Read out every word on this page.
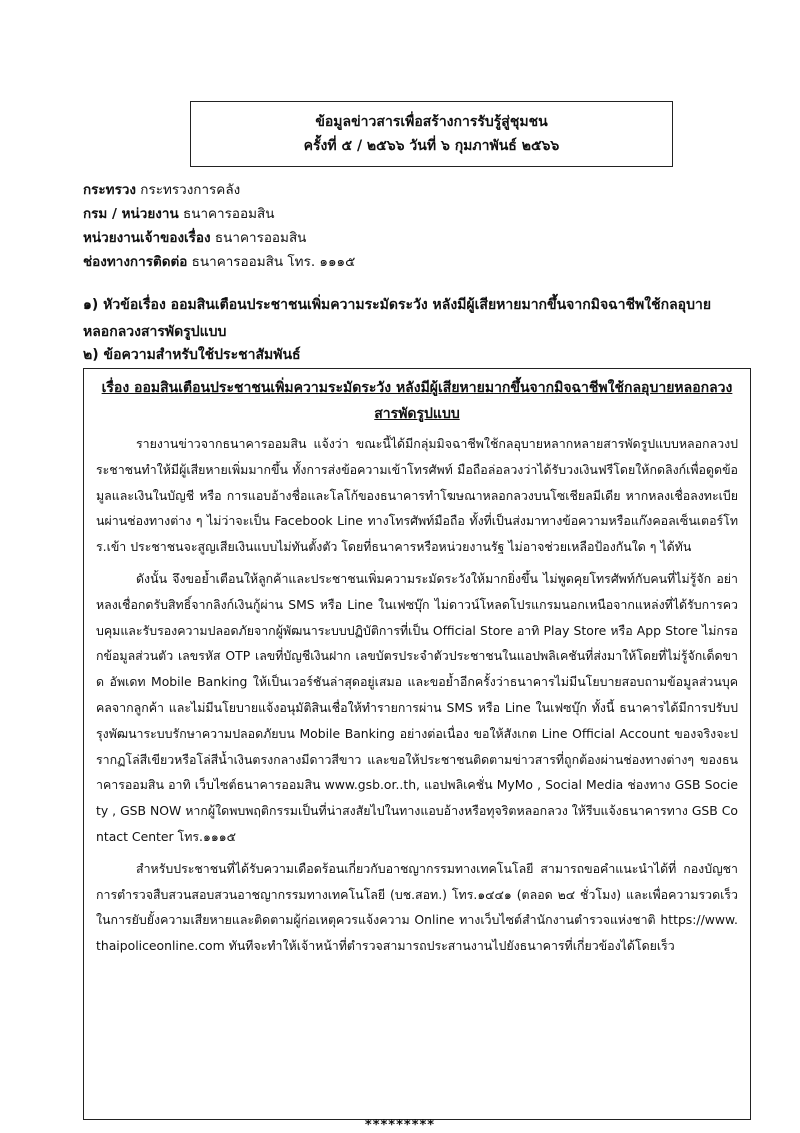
ข้อมูลข่าวสารเพื่อสร้างการรับรู้สู่ชุมชน
ครั้งที่ ๕ / ๒๕๖๖ วันที่ ๖ กุมภาพันธ์ ๒๕๖๖
กระทรวง กระทรวงการคลัง
กรม / หน่วยงาน ธนาคารออมสิน
หน่วยงานเจ้าของเรื่อง ธนาคารออมสิน
ช่องทางการติดต่อ ธนาคารออมสิน โทร. ๑๑๑๕
๑) หัวข้อเรื่อง ออมสินเตือนประชาชนเพิ่มความระมัดระวัง หลังมีผู้เสียหายมากขึ้นจากมิจฉาชีพใช้กลอุบายหลอกลวงสารพัดรูปแบบ
๒) ข้อความสำหรับใช้ประชาสัมพันธ์
เรื่อง ออมสินเตือนประชาชนเพิ่มความระมัดระวัง หลังมีผู้เสียหายมากขึ้นจากมิจฉาชีพใช้กลอุบายหลอกลวงสารพัดรูปแบบ

รายงานข่าวจากธนาคารออมสิน แจ้งว่า ขณะนี้ได้มีกลุ่มมิจฉาชีพใช้กลอุบายหลากหลายสารพัดรูปแบบหลอกลวงประชาชนทำให้มีผู้เสียหายเพิ่มมากขึ้น ทั้งการส่งข้อความเข้าโทรศัพท์ มือถือล่อลวงว่าได้รับวงเงินฟรีโดยให้กดลิงก์เพื่อดูดข้อมูลและเงินในบัญชี หรือ การแอบอ้างชื่อและโลโก้ของธนาคารทำโฆษณาหลอกลวงบนโซเชียลมีเดีย หากหลงเชื่อลงทะเบียนผ่านช่องทางต่าง ๆ ไม่ว่าจะเป็น Facebook Line ทางโทรศัพท์มือถือ ทั้งที่เป็นส่งมาทางข้อความหรือแก๊งคอลเซ็นเตอร์โทร.เข้า ประชาชนจะสูญเสียเงินแบบไม่ทันตั้งตัว โดยที่ธนาคารหรือหน่วยงานรัฐ ไม่อาจช่วยเหลือป้องกันใด ๆ ได้ทัน

ดังนั้น จึงขอย้ำเตือนให้ลูกค้าและประชาชนเพิ่มความระมัดระวังให้มากยิ่งขึ้น ไม่พูดคุยโทรศัพท์กับคนที่ไม่รู้จัก อย่าหลงเชื่อกดรับสิทธิ์จากลิงก์เงินกู้ผ่าน SMS หรือ Line ในเฟซบุ๊ก ไม่ดาวน์โหลดโปรแกรมนอกเหนือจากแหล่งที่ได้รับการควบคุมและรับรองความปลอดภัยจากผู้พัฒนาระบบปฏิบัติการที่เป็น Official Store อาทิ Play Store หรือ App Store ไม่กรอกข้อมูลส่วนตัว เลขรหัส OTP เลขที่บัญชีเงินฝาก เลขบัตรประจำตัวประชาชนในแอปพลิเคชันที่ส่งมาให้โดยที่ไม่รู้จักเด็ดขาด อัพเดท Mobile Banking ให้เป็นเวอร์ชันล่าสุดอยู่เสมอ และขอย้ำอีกครั้งว่าธนาคารไม่มีนโยบายสอบถามข้อมูลส่วนบุคคลจากลูกค้า และไม่มีนโยบายแจ้งอนุมัติสินเชื่อให้ทำรายการผ่าน SMS หรือ Line ในเฟซบุ๊ก ทั้งนี้ ธนาคารได้มีการปรับปรุงพัฒนาระบบรักษาความปลอดภัยบน Mobile Banking อย่างต่อเนื่อง ขอให้สังเกต Line Official Account ของจริงจะปรากฏโล่สีเขียวหรือโล่สีน้ำเงินตรงกลางมีดาวสีขาว และขอให้ประชาชนติดตามข่าวสารที่ถูกต้องผ่านช่องทางต่างๆ ของธนาคารออมสิน อาทิ เว็บไซต์ธนาคารออมสิน www.gsb.or..th, แอปพลิเคชั่น MyMo , Social Media ช่องทาง GSB Society , GSB NOW หากผู้ใดพบพฤติกรรมเป็นที่น่าสงสัยไปในทางแอบอ้างหรือทุจริตหลอกลวง ให้รีบแจ้งธนาคารทาง GSB Contact Center โทร.๑๑๑๕

สำหรับประชาชนที่ได้รับความเดือดร้อนเกี่ยวกับอาชญากรรมทางเทคโนโลยี สามารถขอคำแนะนำได้ที่ กองบัญชาการตำรวจสืบสวนสอบสวนอาชญากรรมทางเทคโนโลยี (บช.สอท.) โทร.๑๔๔๑ (ตลอด ๒๔ ชั่วโมง) และเพื่อความรวดเร็วในการยับยั้งความเสียหายและติดตามผู้ก่อเหตุควรแจ้งความ Online ทางเว็บไซต์สำนักงานตำรวจแห่งชาติ https://www.thaipoliceonline.com ทันทีจะทำให้เจ้าหน้าที่ตำรวจสามารถประสานงานไปยังธนาคารที่เกี่ยวข้องได้โดยเร็ว

*********
